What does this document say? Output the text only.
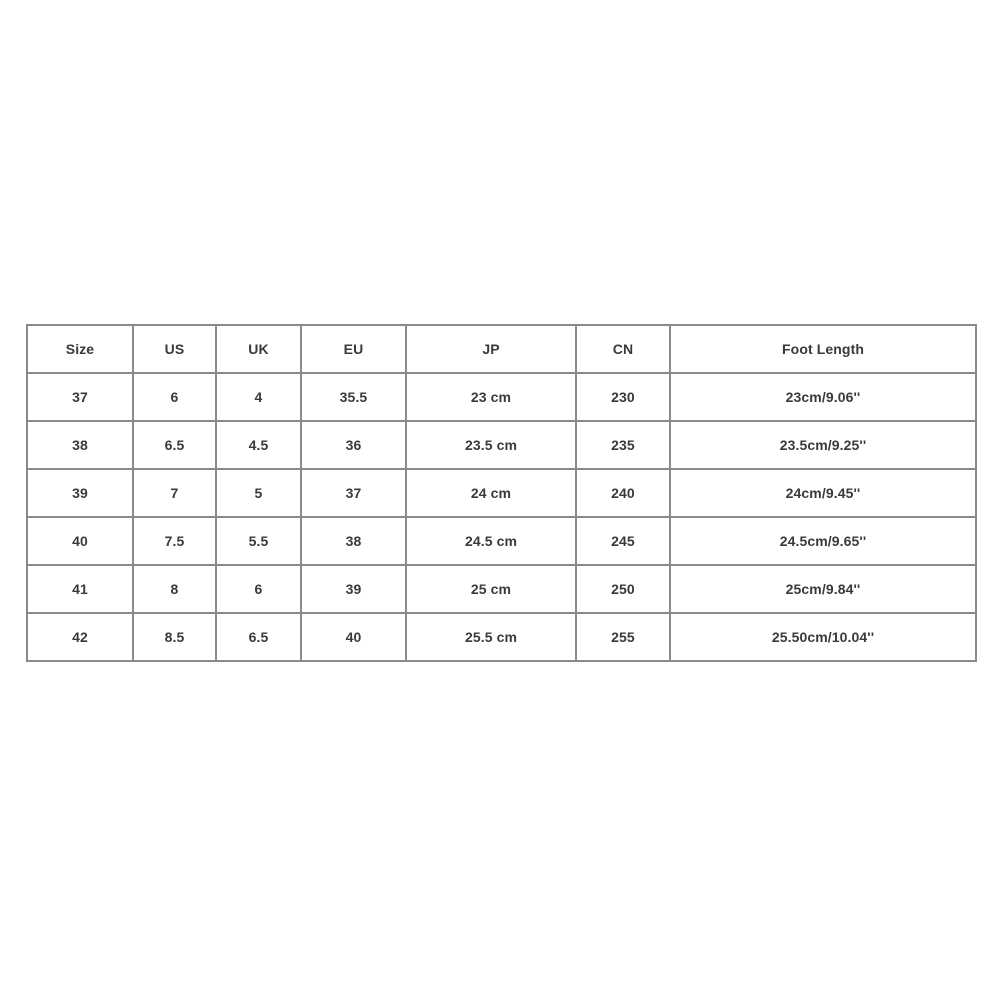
Size	US	UK	EU	JP	CN	Foot Length
37	6	4	35.5	23 cm	230	23cm/9.06''
38	6.5	4.5	36	23.5 cm	235	23.5cm/9.25''
39	7	5	37	24 cm	240	24cm/9.45''
40	7.5	5.5	38	24.5 cm	245	24.5cm/9.65''
41	8	6	39	25 cm	250	25cm/9.84''
42	8.5	6.5	40	25.5 cm	255	25.50cm/10.04''
